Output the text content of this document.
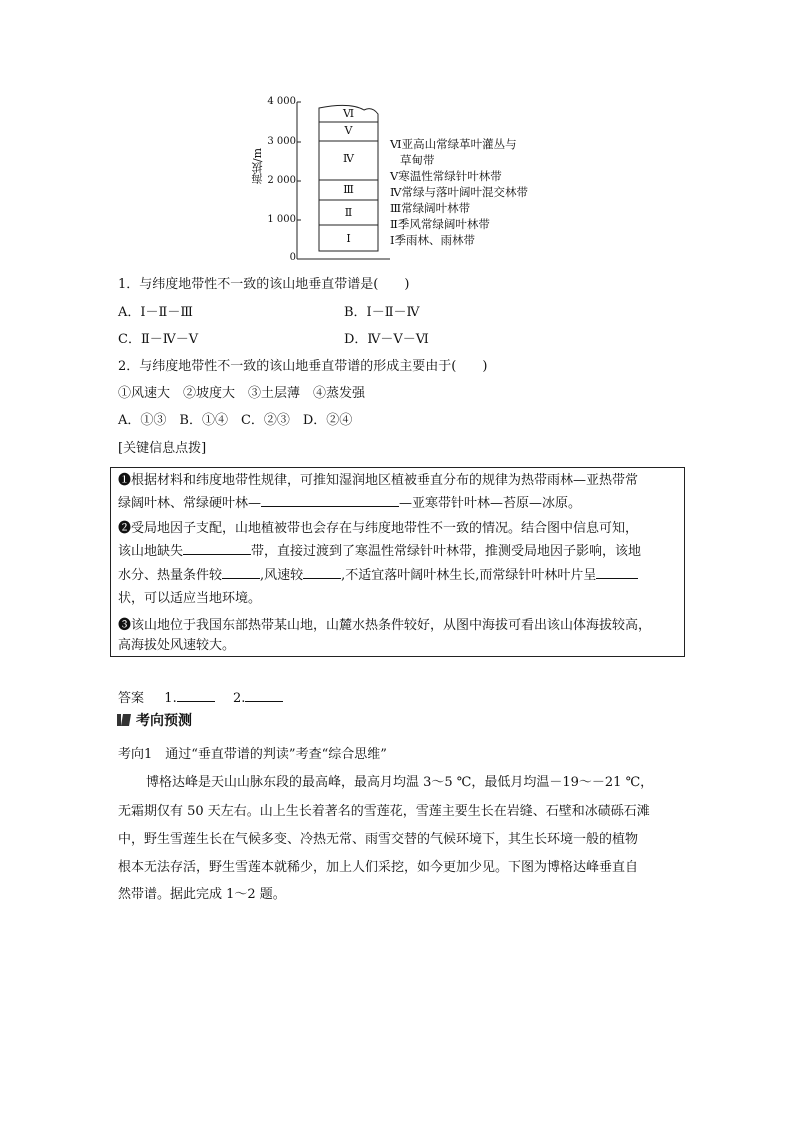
海拔/m
4 000
3 000
2 000
1 000
0
Ⅵ
Ⅴ
Ⅳ
Ⅲ
Ⅱ
Ⅰ
Ⅵ亚高山常绿革叶灌丛与
草甸带
Ⅴ寒温性常绿针叶林带
Ⅳ常绿与落叶阔叶混交林带
Ⅲ常绿阔叶林带
Ⅱ季风常绿阔叶林带
Ⅰ季雨林、雨林带
1．与纬度地带性不一致的该山地垂直带谱是(　　)
A．Ⅰ－Ⅱ－Ⅲ	B．Ⅰ－Ⅱ－Ⅳ
C．Ⅱ－Ⅳ－Ⅴ	D．Ⅳ－Ⅴ－Ⅵ
2．与纬度地带性不一致的该山地垂直带谱的形成主要由于(　　)
①风速大　②坡度大　③土层薄　④蒸发强
A．①③　B．①④　C．②③　D．②④
[关键信息点拨]
❶根据材料和纬度地带性规律，可推知湿润地区植被垂直分布的规律为热带雨林—亚热带常
绿阔叶林、常绿硬叶林—	—亚寒带针叶林—苔原—冰原。
❷受局地因子支配，山地植被带也会存在与纬度地带性不一致的情况。结合图中信息可知，
该山地缺失	带，直接过渡到了寒温性常绿针叶林带，推测受局地因子影响，该地
水分、热量条件较	,风速较	,不适宜落叶阔叶林生长,而常绿针叶林叶片呈
状，可以适应当地环境。
❸该山地位于我国东部热带某山地，山麓水热条件较好，从图中海拔可看出该山体海拔较高，
高海拔处风速较大。
答案 1.	2.
考向预测
考向1　通过“垂直带谱的判读”考查“综合思维”
博格达峰是天山山脉东段的最高峰，最高月均温 3～5 ℃，最低月均温－19～－21 ℃，
无霜期仅有 50 天左右。山上生长着著名的雪莲花，雪莲主要生长在岩缝、石壁和冰碛砾石滩
中，野生雪莲生长在气候多变、冷热无常、雨雪交替的气候环境下，其生长环境一般的植物
根本无法存活，野生雪莲本就稀少，加上人们采挖，如今更加少见。下图为博格达峰垂直自
然带谱。据此完成 1～2 题。
